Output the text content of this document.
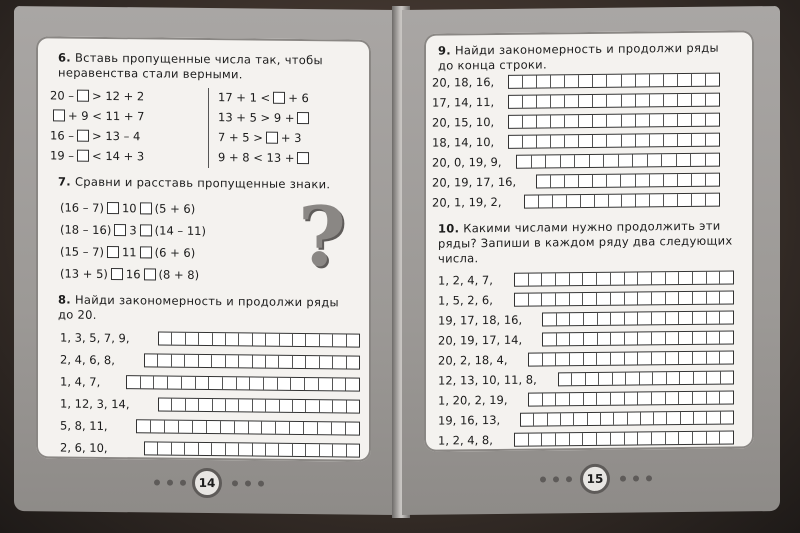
6. Вставь пропущенные числа так, чтобы неравенства стали верными.
20 – > 12 + 2
+ 9 < 11 + 7
16 – > 13 – 4
19 – < 14 + 3
17 + 1 < + 6
13 + 5 > 9 +
7 + 5 > + 3
9 + 8 < 13 +
7. Сравни и расставь пропущенные знаки.
(16 – 7) 10 (5 + 6)
(18 – 16) 3 (14 – 11)
(15 – 7) 11 (6 + 6)
(13 + 5) 16 (8 + 8) ?
8. Найди закономерность и продолжи ряды до 20.
1, 3, 5, 7, 9,
2, 4, 6, 8,
1, 4, 7,
1, 12, 3, 14,
5, 8, 11,
2, 6, 10,
14
9. Найди закономерность и продолжи ряды до конца строки.
20, 18, 16,
17, 14, 11,
20, 15, 10,
18, 14, 10,
20, 0, 19, 9,
20, 19, 17, 16,
20, 1, 19, 2,
10. Какими числами нужно продолжить эти ряды? Запиши в каждом ряду два следующих числа.
1, 2, 4, 7,
1, 5, 2, 6,
19, 17, 18, 16,
20, 19, 17, 14,
20, 2, 18, 4,
12, 13, 10, 11, 8,
1, 20, 2, 19,
19, 16, 13,
1, 2, 4, 8,
15
